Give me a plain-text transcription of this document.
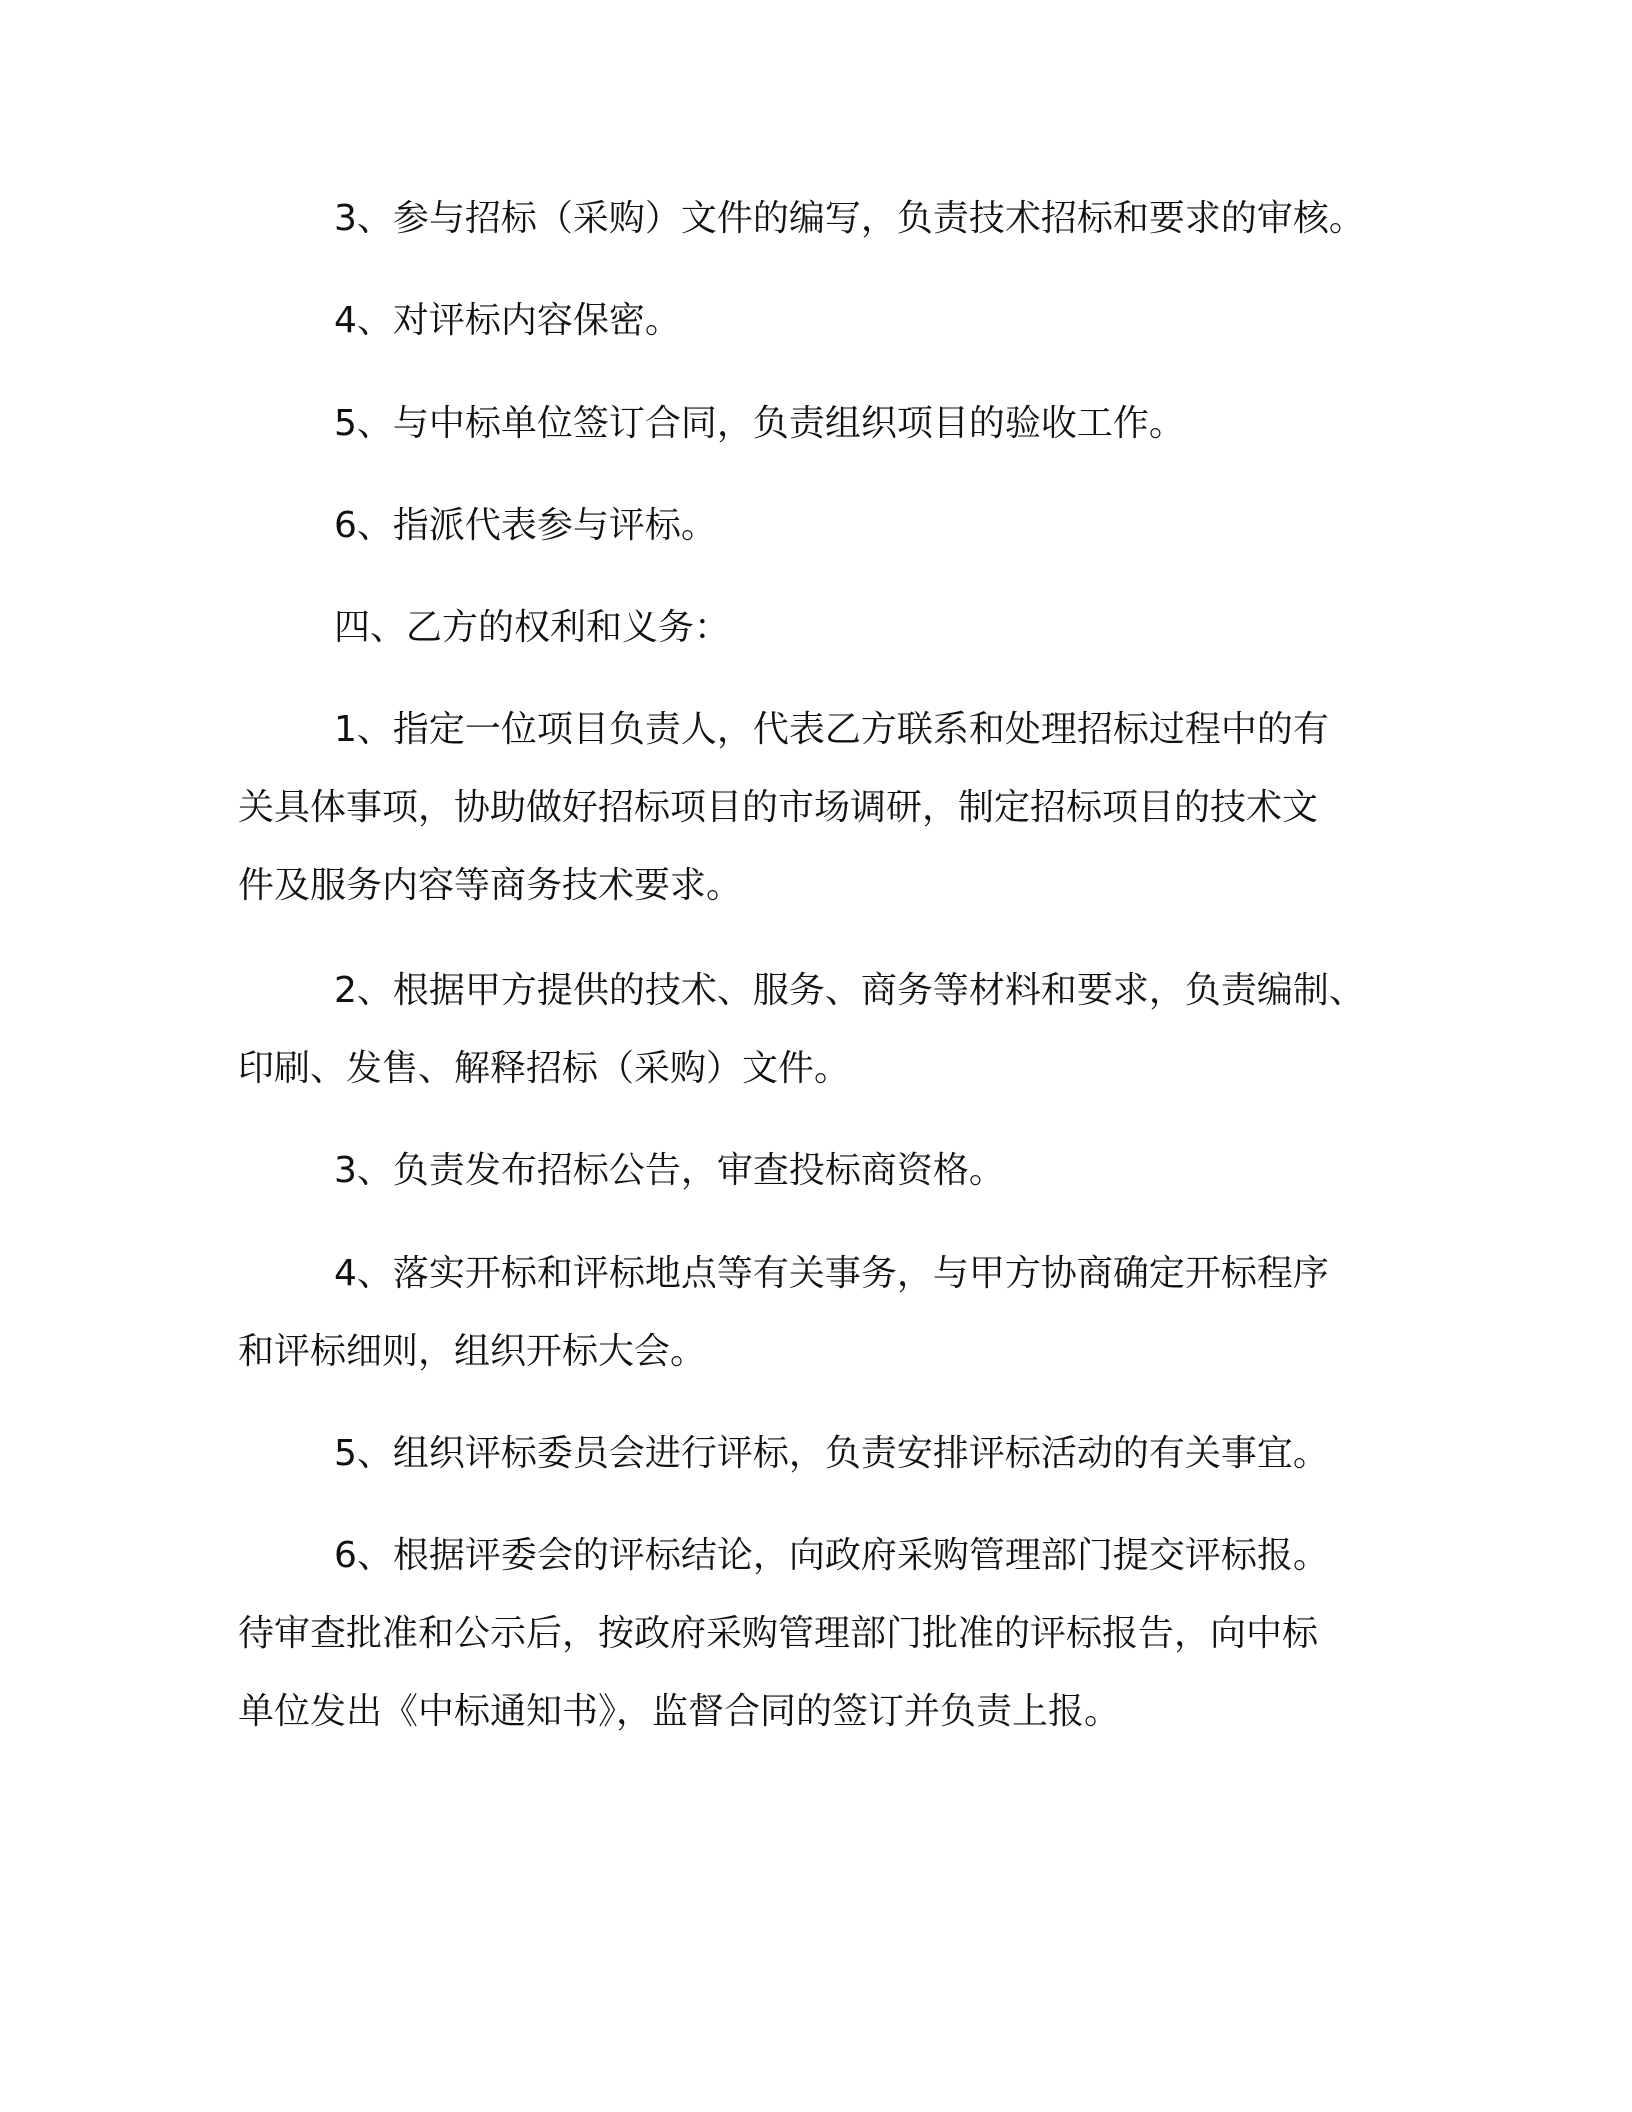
3、参与招标（采购）文件的编写，负责技术招标和要求的审核。
4、对评标内容保密。
5、与中标单位签订合同，负责组织项目的验收工作。
6、指派代表参与评标。
四、乙方的权利和义务：
1、指定一位项目负责人，代表乙方联系和处理招标过程中的有
关具体事项，协助做好招标项目的市场调研，制定招标项目的技术文
件及服务内容等商务技术要求。
2、根据甲方提供的技术、服务、商务等材料和要求，负责编制、
印刷、发售、解释招标（采购）文件。
3、负责发布招标公告，审查投标商资格。
4、落实开标和评标地点等有关事务，与甲方协商确定开标程序
和评标细则，组织开标大会。
5、组织评标委员会进行评标，负责安排评标活动的有关事宜。
6、根据评委会的评标结论，向政府采购管理部门提交评标报。
待审查批准和公示后，按政府采购管理部门批准的评标报告，向中标
单位发出《中标通知书》，监督合同的签订并负责上报。
